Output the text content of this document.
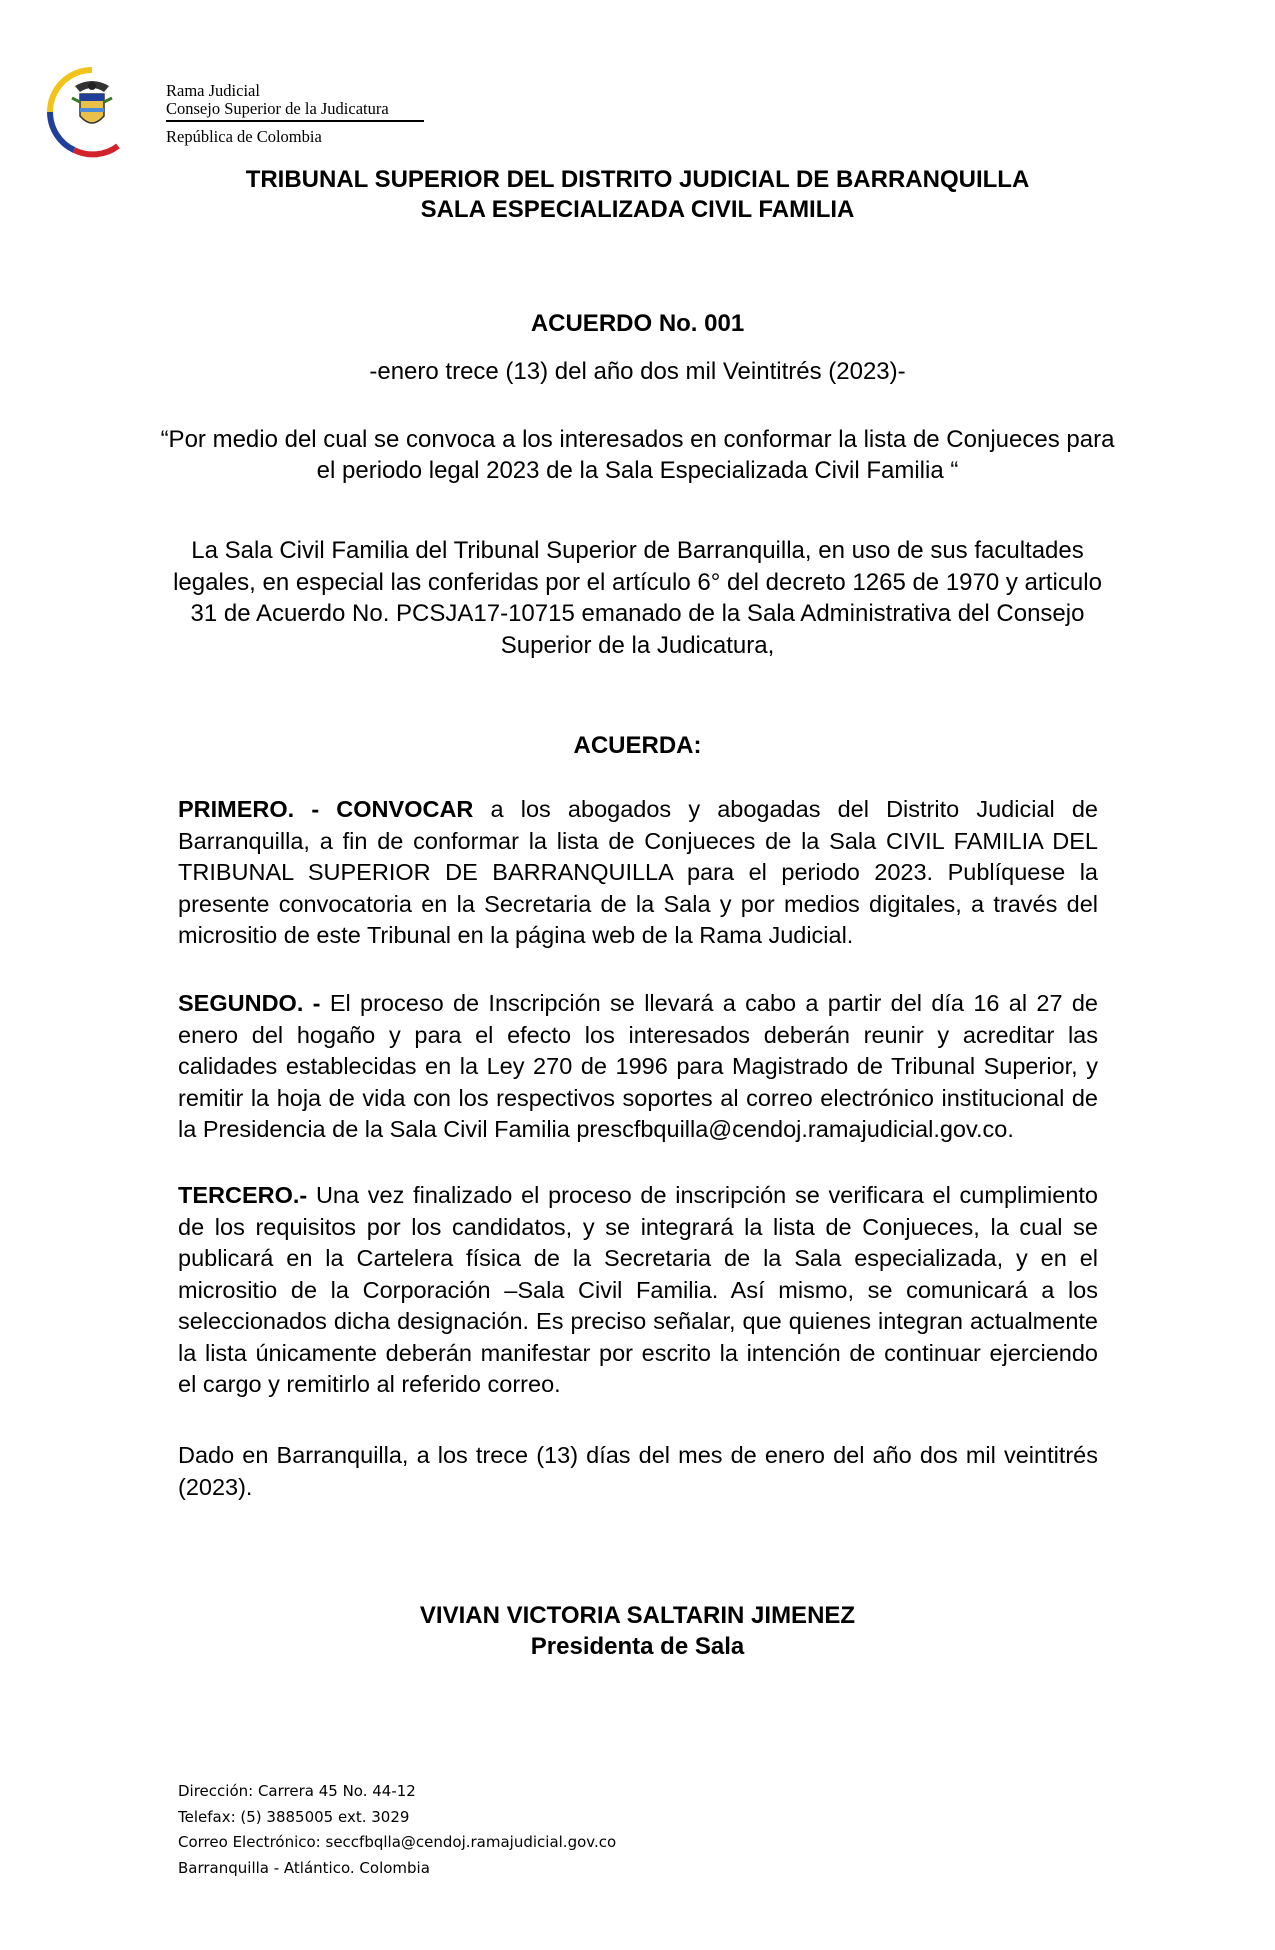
Rama Judicial
Consejo Superior de la Judicatura
República de Colombia
TRIBUNAL SUPERIOR DEL DISTRITO JUDICIAL DE BARRANQUILLA
SALA ESPECIALIZADA CIVIL FAMILIA
ACUERDO No. 001
-enero trece (13) del año dos mil Veintitrés (2023)-
“Por medio del cual se convoca a los interesados en conformar la lista de Conjueces para
el periodo legal 2023 de la Sala Especializada Civil Familia “
La Sala Civil Familia del Tribunal Superior de Barranquilla, en uso de sus facultades
legales, en especial las conferidas por el artículo 6° del decreto 1265 de 1970 y articulo
31 de Acuerdo No. PCSJA17-10715 emanado de la Sala Administrativa del Consejo
Superior de la Judicatura,
ACUERDA:
PRIMERO. - CONVOCAR a los abogados y abogadas del Distrito Judicial de Barranquilla, a fin de conformar la lista de Conjueces de la Sala CIVIL FAMILIA DEL TRIBUNAL SUPERIOR DE BARRANQUILLA para el periodo 2023. Publíquese la presente convocatoria en la Secretaria de la Sala y por medios digitales, a través del micrositio de este Tribunal en la página web de la Rama Judicial.
SEGUNDO. - El proceso de Inscripción se llevará a cabo a partir del día 16 al 27 de enero del hogaño y para el efecto los interesados deberán reunir y acreditar las calidades establecidas en la Ley 270 de 1996 para Magistrado de Tribunal Superior, y remitir la hoja de vida con los respectivos soportes al correo electrónico institucional de la Presidencia de la Sala Civil Familia prescfbquilla@cendoj.ramajudicial.gov.co.
TERCERO.- Una vez finalizado el proceso de inscripción se verificara el cumplimiento de los requisitos por los candidatos, y se integrará la lista de Conjueces, la cual se publicará en la Cartelera física de la Secretaria de la Sala especializada, y en el micrositio de la Corporación –Sala Civil Familia. Así mismo, se comunicará a los seleccionados dicha designación. Es preciso señalar, que quienes integran actualmente la lista únicamente deberán manifestar por escrito la intención de continuar ejerciendo el cargo y remitirlo al referido correo.
Dado en Barranquilla, a los trece (13) días del mes de enero del año dos mil veintitrés (2023).
VIVIAN VICTORIA SALTARIN JIMENEZ
Presidenta de Sala
Dirección: Carrera 45 No. 44-12
Telefax: (5) 3885005 ext. 3029
Correo Electrónico: seccfbqlla@cendoj.ramajudicial.gov.co
Barranquilla - Atlántico. Colombia
